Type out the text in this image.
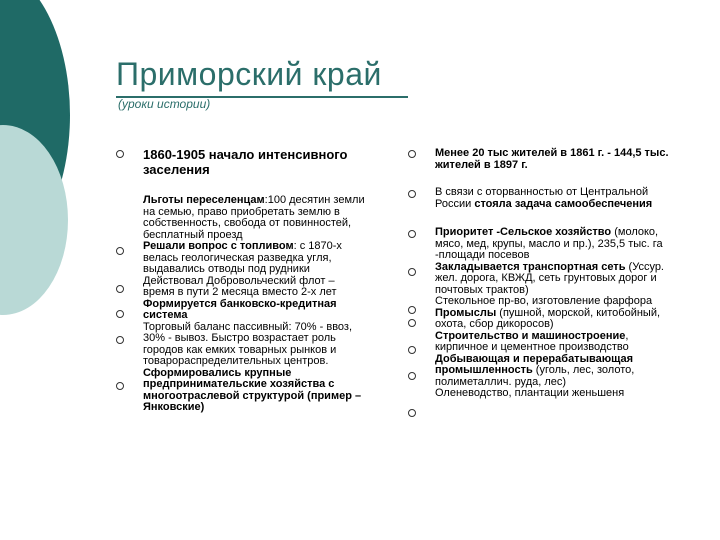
Приморский край
(уроки истории)
1860-1905 начало интенсивного заселения

Льготы переселенцам:100 десятин земли на семью, право приобретать землю в собственность, свобода от повинностей, бесплатный проезд

Решали вопрос с топливом: с 1870-х велась геологическая разведка угля, выдавались отводы под рудники

Действовал Добровольческий флот – время в пути 2 месяца вместо 2-х лет

Формируется банковско-кредитная система

Торговый баланс пассивный: 70% - ввоз, 30% - вывоз. Быстро возрастает роль городов как емких товарных рынков и товарораспределительных центров.

Сформировались крупные предпринимательские хозяйства с многоотраслевой структурой (пример – Янковские)

Менее 20 тыс жителей в 1861 г. - 144,5 тыс. жителей в 1897 г.
В связи с оторванностью от Центральной России стояла задача самообеспечения

Приоритет -Сельское хозяйство (молоко, мясо, мед, крупы, масло и пр.), 235,5 тыс. га -площади посевов

Закладывается транспортная сеть (Уссур. жел. дорога, КВЖД, сеть грунтовых дорог и почтовых трактов)

Стекольное пр-во, изготовление фарфора

Промыслы (пушной, морской, китобойный, охота, сбор дикоросов)

Строительство и машиностроение, кирпичное и цементное производство

Добывающая и перерабатывающая промышленность (уголь, лес, золото, полиметаллич. руда, лес)

Оленеводство, плантации женьшеня
